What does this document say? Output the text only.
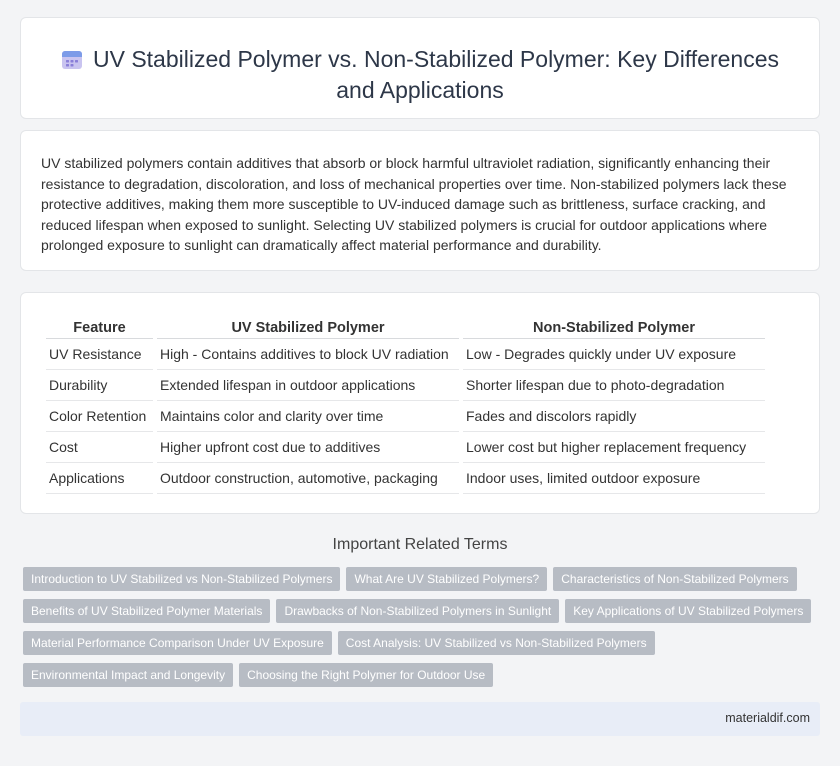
UV Stabilized Polymer vs. Non-Stabilized Polymer: Key Differences and Applications

UV stabilized polymers contain additives that absorb or block harmful ultraviolet radiation, significantly enhancing their resistance to degradation, discoloration, and loss of mechanical properties over time. Non-stabilized polymers lack these protective additives, making them more susceptible to UV-induced damage such as brittleness, surface cracking, and reduced lifespan when exposed to sunlight. Selecting UV stabilized polymers is crucial for outdoor applications where prolonged exposure to sunlight can dramatically affect material performance and durability.

Feature	UV Stabilized Polymer	Non-Stabilized Polymer
UV Resistance	High - Contains additives to block UV radiation	Low - Degrades quickly under UV exposure
Durability	Extended lifespan in outdoor applications	Shorter lifespan due to photo-degradation
Color Retention	Maintains color and clarity over time	Fades and discolors rapidly
Cost	Higher upfront cost due to additives	Lower cost but higher replacement frequency
Applications	Outdoor construction, automotive, packaging	Indoor uses, limited outdoor exposure
Important Related Terms
Introduction to UV Stabilized vs Non-Stabilized Polymers What Are UV Stabilized Polymers? Characteristics of Non-Stabilized Polymers
Benefits of UV Stabilized Polymer Materials Drawbacks of Non-Stabilized Polymers in Sunlight Key Applications of UV Stabilized Polymers
Material Performance Comparison Under UV Exposure Cost Analysis: UV Stabilized vs Non-Stabilized Polymers
Environmental Impact and Longevity Choosing the Right Polymer for Outdoor Use
materialdif.com
